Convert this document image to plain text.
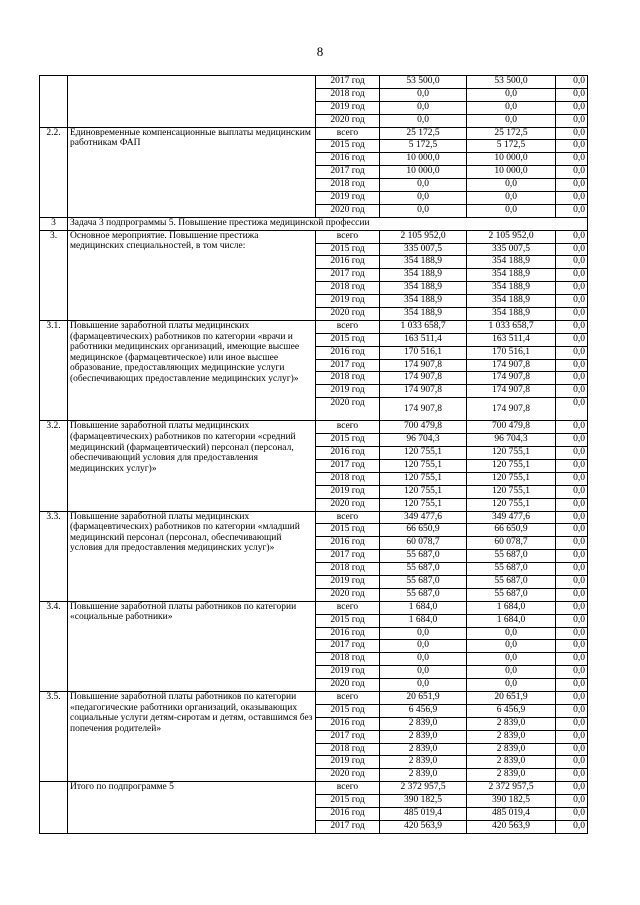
8
		2017 год	53 500,0	53 500,0	0,0
		2018 год	0,0	0,0	0,0
		2019 год	0,0	0,0	0,0
		2020 год	0,0	0,0	0,0
2.2.	Единовременные компенсационные выплаты медицинским работникам ФАП	всего	25 172,5	25 172,5	0,0
		2015 год	5 172,5	5 172,5	0,0
		2016 год	10 000,0	10 000,0	0,0
		2017 год	10 000,0	10 000,0	0,0
		2018 год	0,0	0,0	0,0
		2019 год	0,0	0,0	0,0
		2020 год	0,0	0,0	0,0
3	Задача 3 подпрограммы 5. Повышение престижа медицинской профессии				
3.	Основное мероприятие. Повышение престижа медицинских специальностей, в том числе:	всего	2 105 952,0	2 105 952,0	0,0
		2015 год	335 007,5	335 007,5	0,0
		2016 год	354 188,9	354 188,9	0,0
		2017 год	354 188,9	354 188,9	0,0
		2018 год	354 188,9	354 188,9	0,0
		2019 год	354 188,9	354 188,9	0,0
		2020 год	354 188,9	354 188,9	0,0
3.1.	Повышение заработной платы медицинских (фармацевтических) работников по категории «врачи и работники медицинских организаций, имеющие высшее медицинское (фармацевтическое) или иное высшее образование, предоставляющих медицинские услуги (обеспечивающих предоставление медицинских услуг)»	всего	1 033 658,7	1 033 658,7	0,0
		2015 год	163 511,4	163 511,4	0,0
		2016 год	170 516,1	170 516,1	0,0
		2017 год	174 907,8	174 907,8	0,0
		2018 год	174 907,8	174 907,8	0,0
		2019 год	174 907,8	174 907,8	0,0
		2020 год	174 907,8	174 907,8	0,0
3.2.	Повышение заработной платы медицинских (фармацевтических) работников по категории «средний медицинский (фармацевтический) персонал (персонал, обеспечивающий условия для предоставления медицинских услуг)»	всего	700 479,8	700 479,8	0,0
		2015 год	96 704,3	96 704,3	0,0
		2016 год	120 755,1	120 755,1	0,0
		2017 год	120 755,1	120 755,1	0,0
		2018 год	120 755,1	120 755,1	0,0
		2019 год	120 755,1	120 755,1	0,0
		2020 год	120 755,1	120 755,1	0,0
3.3.	Повышение заработной платы медицинских (фармацевтических) работников по категории «младший медицинский персонал (персонал, обеспечивающий условия для предоставления медицинских услуг)»	всего	349 477,6	349 477,6	0,0
		2015 год	66 650,9	66 650,9	0,0
		2016 год	60 078,7	60 078,7	0,0
		2017 год	55 687,0	55 687,0	0,0
		2018 год	55 687,0	55 687,0	0,0
		2019 год	55 687,0	55 687,0	0,0
		2020 год	55 687,0	55 687,0	0,0
3.4.	Повышение заработной платы работников по категории «социальные работники»	всего	1 684,0	1 684,0	0,0
		2015 год	1 684,0	1 684,0	0,0
		2016 год	0,0	0,0	0,0
		2017 год	0,0	0,0	0,0
		2018 год	0,0	0,0	0,0
		2019 год	0,0	0,0	0,0
		2020 год	0,0	0,0	0,0
3.5.	Повышение заработной платы работников по категории «педагогические работники организаций, оказывающих социальные услуги детям-сиротам и детям, оставшимся без попечения родителей»	всего	20 651,9	20 651,9	0,0
		2015 год	6 456,9	6 456,9	0,0
		2016 год	2 839,0	2 839,0	0,0
		2017 год	2 839,0	2 839,0	0,0
		2018 год	2 839,0	2 839,0	0,0
		2019 год	2 839,0	2 839,0	0,0
		2020 год	2 839,0	2 839,0	0,0
	Итого по подпрограмме 5	всего	2 372 957,5	2 372 957,5	0,0
		2015 год	390 182,5	390 182,5	0,0
		2016 год	485 019,4	485 019,4	0,0
		2017 год	420 563,9	420 563,9	0,0
